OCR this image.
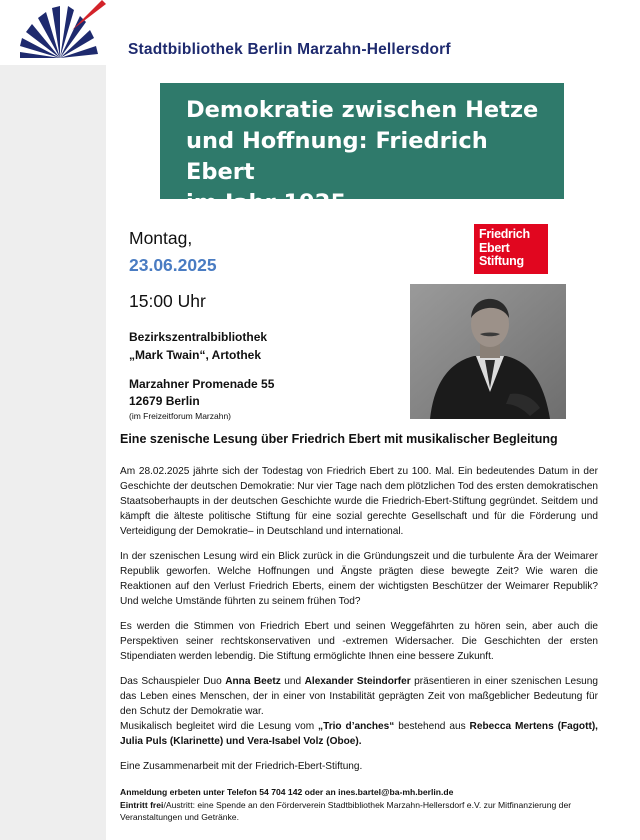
Stadtbibliothek Berlin Marzahn-Hellersdorf
Demokratie zwischen Hetze
und Hoffnung: Friedrich Ebert
im Jahr 1925
Montag,
23.06.2025
15:00 Uhr
Bezirkszentralbibliothek
„Mark Twain“, Artothek
Marzahner Promenade 55
12679 Berlin
(im Freizeitforum Marzahn)
Friedrich
Ebert
Stiftung
Eine szenische Lesung über Friedrich Ebert mit musikalischer Begleitung

Am 28.02.2025 jährte sich der Todestag von Friedrich Ebert zu 100. Mal. Ein bedeutendes Datum in der Geschichte der deutschen Demokratie: Nur vier Tage nach dem plötzlichen Tod des ersten demokratischen Staatsoberhaupts in der deutschen Geschichte wurde die Friedrich-Ebert-Stiftung gegründet. Seitdem und kämpft die älteste politische Stiftung für eine sozial gerechte Gesellschaft und für die Förderung und Verteidigung der Demokratie– in Deutschland und international.

In der szenischen Lesung wird ein Blick zurück in die Gründungszeit und die turbulente Ära der Weimarer Republik geworfen. Welche Hoffnungen und Ängste prägten diese bewegte Zeit? Wie waren die Reaktionen auf den Verlust Friedrich Eberts, einem der wichtigsten Beschützer der Weimarer Republik? Und welche Umstände führten zu seinem frühen Tod?

Es werden die Stimmen von Friedrich Ebert und seinen Weggefährten zu hören sein, aber auch die Perspektiven seiner rechtskonservativen und -extremen Widersacher. Die Geschichten der ersten Stipendiaten werden lebendig. Die Stiftung ermöglichte Ihnen eine bessere Zukunft.

Das Schauspieler Duo Anna Beetz und Alexander Steindorfer präsentieren in einer szenischen Lesung das Leben eines Menschen, der in einer von Instabilität geprägten Zeit von maßgeblicher Bedeutung für den Schutz der Demokratie war.

Musikalisch begleitet wird die Lesung vom „Trio d’anches“ bestehend aus Rebecca Mertens (Fagott), Julia Puls (Klarinette) und Vera-Isabel Volz (Oboe).

Eine Zusammenarbeit mit der Friedrich-Ebert-Stiftung.

Anmeldung erbeten unter Telefon 54 704 142 oder an ines.bartel@ba-mh.berlin.de
Eintritt frei/Austritt: eine Spende an den Förderverein Stadtbibliothek Marzahn-Hellersdorf e.V. zur Mitfinanzierung der Veranstaltungen und Getränke.
